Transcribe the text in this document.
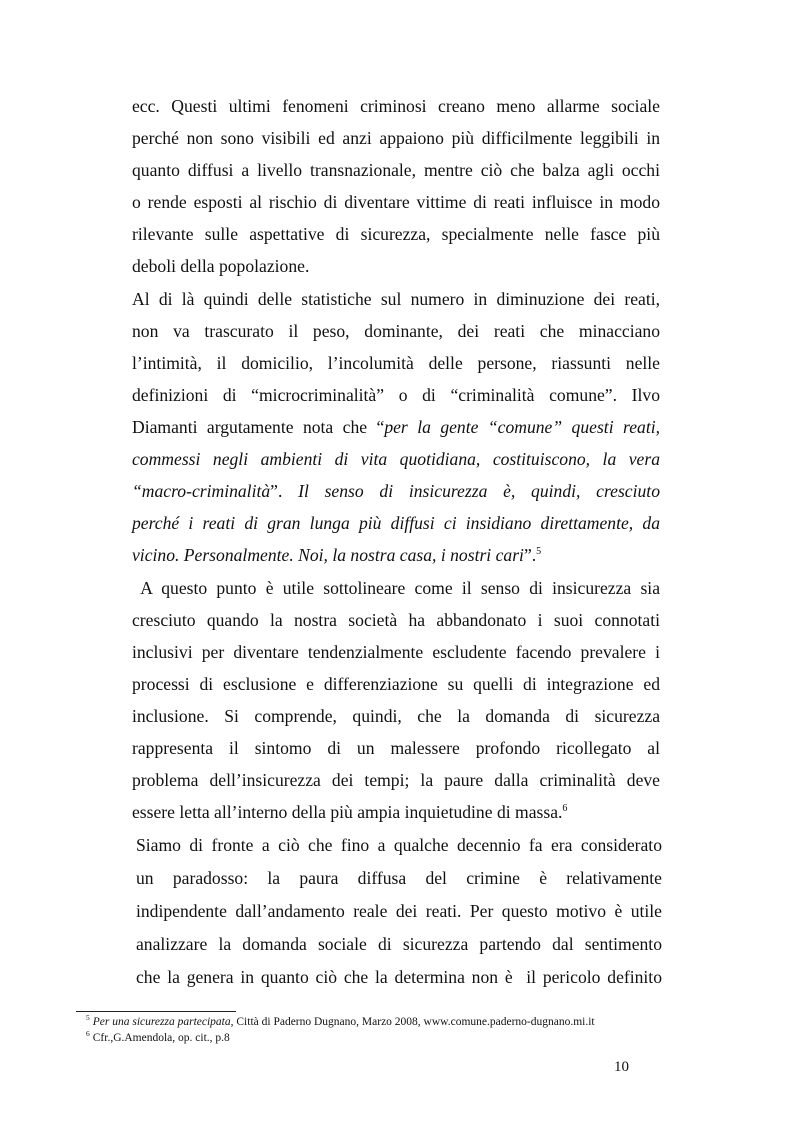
ecc. Questi ultimi fenomeni criminosi creano meno allarme sociale
perché non sono visibili ed anzi appaiono più difficilmente leggibili in
quanto diffusi a livello transnazionale, mentre ciò che balza agli occhi
o rende esposti al rischio di diventare vittime di reati influisce in modo
rilevante sulle aspettative di sicurezza, specialmente nelle fasce più
deboli della popolazione.
Al di là quindi delle statistiche sul numero in diminuzione dei reati,
non va trascurato il peso, dominante, dei reati che minacciano
l’intimità, il domicilio, l’incolumità delle persone, riassunti nelle
definizioni di “microcriminalità” o di “criminalità comune”. Ilvo
Diamanti argutamente nota che “per la gente “comune” questi reati,
commessi negli ambienti di vita quotidiana, costituiscono, la vera
“macro-criminalità”. Il senso di insicurezza è, quindi, cresciuto
perché i reati di gran lunga più diffusi ci insidiano direttamente, da
vicino. Personalmente. Noi, la nostra casa, i nostri cari”.$^5$
A questo punto è utile sottolineare come il senso di insicurezza sia
cresciuto quando la nostra società ha abbandonato i suoi connotati
inclusivi per diventare tendenzialmente escludente facendo prevalere i
processi di esclusione e differenziazione su quelli di integrazione ed
inclusione. Si comprende, quindi, che la domanda di sicurezza
rappresenta il sintomo di un malessere profondo ricollegato al
problema dell’insicurezza dei tempi; la paure dalla criminalità deve
essere letta all’interno della più ampia inquietudine di massa.$^6$
Siamo di fronte a ciò che fino a qualche decennio fa era considerato
un paradosso: la paura diffusa del crimine è relativamente
indipendente dall’andamento reale dei reati. Per questo motivo è utile
analizzare la domanda sociale di sicurezza partendo dal sentimento
che la genera in quanto ciò che la determina non è  il pericolo definito
$^5$ Per una sicurezza partecipata, Città di Paderno Dugnano, Marzo 2008, www.comune.paderno-dugnano.mi.it
$^6$ Cfr.,G.Amendola, op. cit., p.8
10
